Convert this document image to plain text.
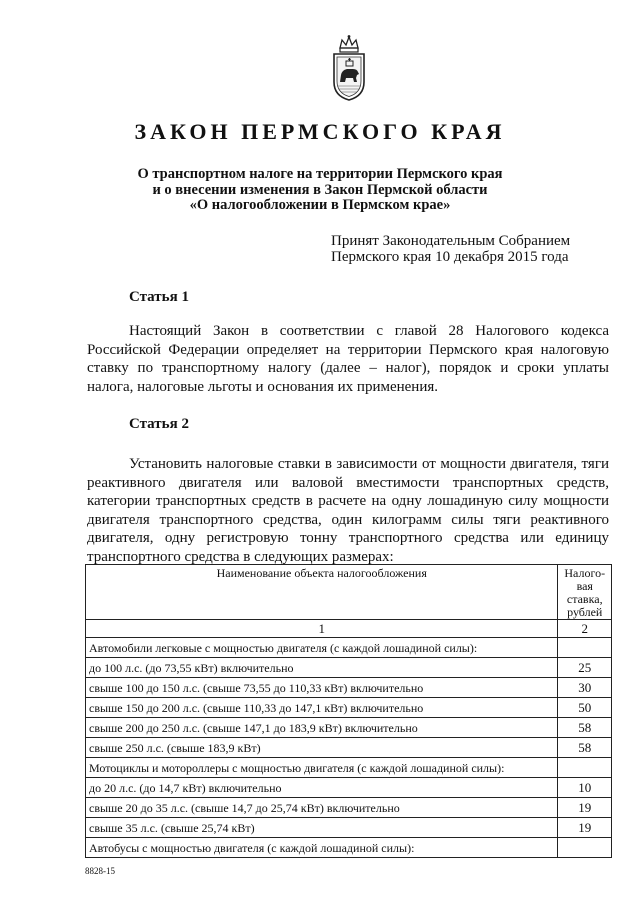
ЗАКОН ПЕРМСКОГО КРАЯ
О транспортном налоге на территории Пермского края
и о внесении изменения в Закон Пермской области
«О налогообложении в Пермском крае»
Принят Законодательным Собранием
Пермского края 10 декабря 2015 года
Статья 1
Настоящий Закон в соответствии с главой 28 Налогового кодекса
Российской Федерации определяет на территории Пермского края налоговую
ставку по транспортному налогу (далее – налог), порядок и сроки уплаты
налога, налоговые льготы и основания их применения.
Статья 2
Установить налоговые ставки в зависимости от мощности двигателя, тяги
реактивного двигателя или валовой вместимости транспортных средств,
категории транспортных средств в расчете на одну лошадиную силу мощности
двигателя транспортного средства, один килограмм силы тяги реактивного
двигателя, одну регистровую тонну транспортного средства или единицу
транспортного средства в следующих размерах:
Наименование объекта налогообложения	Налого-
вая
ставка,
рублей

1	2
Автомобили легковые с мощностью двигателя (с каждой лошадиной силы):	
до 100 л.с. (до 73,55 кВт) включительно	25
свыше 100 до 150 л.с. (свыше 73,55 до 110,33 кВт) включительно	30
свыше 150 до 200 л.с. (свыше 110,33 до 147,1 кВт) включительно	50
свыше 200 до 250 л.с. (свыше 147,1 до 183,9 кВт) включительно	58
свыше 250 л.с. (свыше 183,9 кВт)	58
Мотоциклы и мотороллеры с мощностью двигателя (с каждой лошадиной силы):	
до 20 л.с. (до 14,7 кВт) включительно	10
свыше 20 до 35 л.с. (свыше 14,7 до 25,74 кВт) включительно	19
свыше 35 л.с. (свыше 25,74 кВт)	19
Автобусы с мощностью двигателя (с каждой лошадиной силы):	
8828-15
